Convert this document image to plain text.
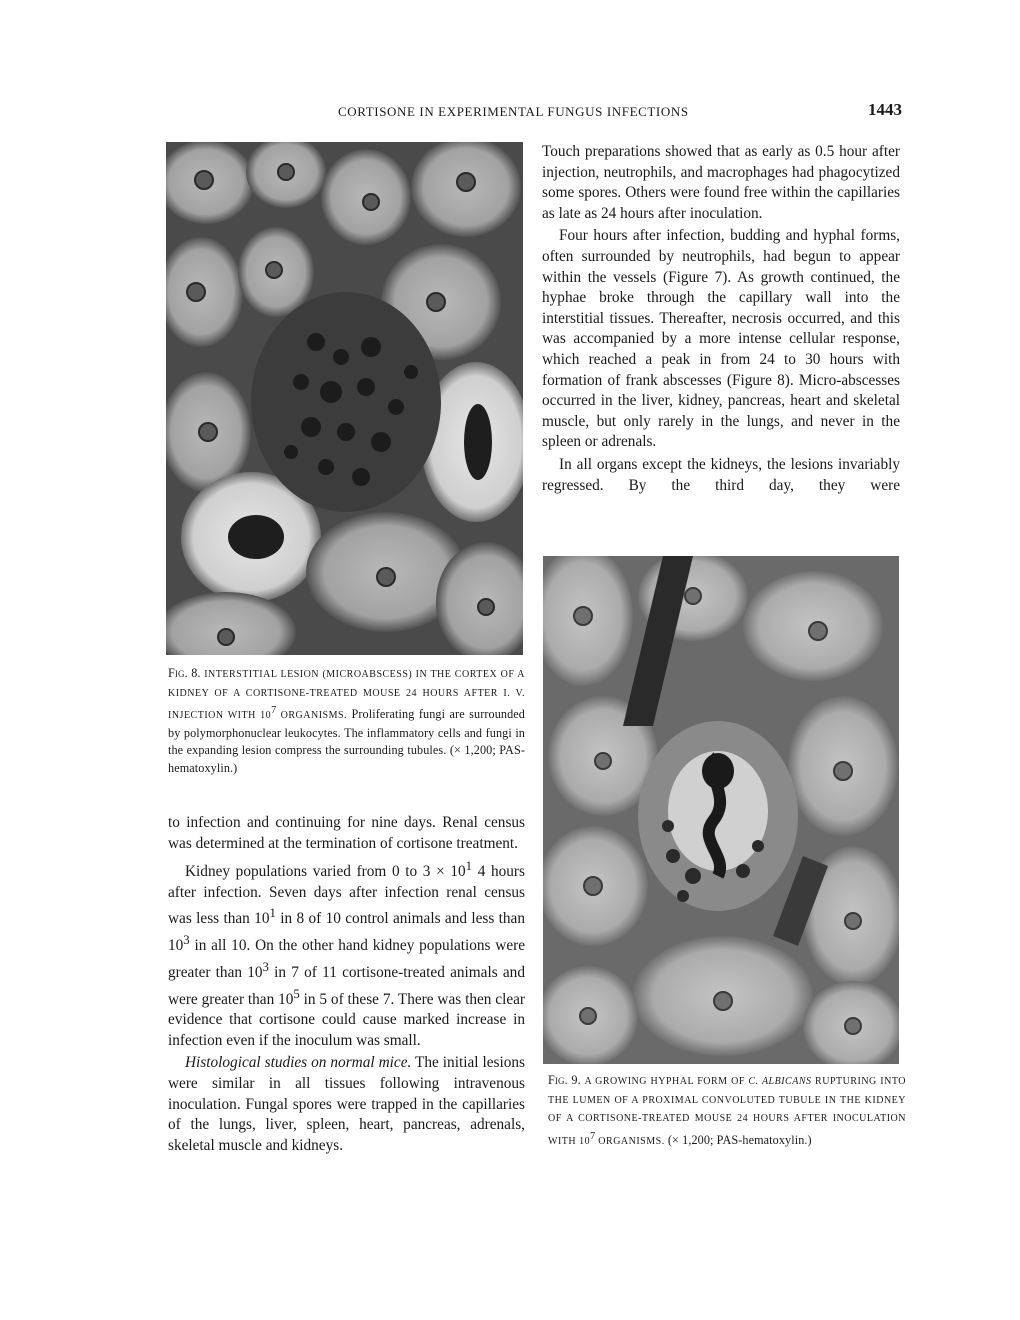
CORTISONE IN EXPERIMENTAL FUNGUS INFECTIONS	1443
Fig. 8. INTERSTITIAL LESION (MICROABSCESS) IN THE CORTEX OF A KIDNEY OF A CORTISONE-TREATED MOUSE 24 HOURS AFTER I. V. INJECTION WITH $10^7$ ORGANISMS. Proliferating fungi are surrounded by polymorphonuclear leukocytes. The inflammatory cells and fungi in the expanding lesion compress the surrounding tubules. (× 1,200; PAS-hematoxylin.)

Touch preparations showed that as early as 0.5 hour after injection, neutrophils, and macrophages had phagocytized some spores. Others were found free within the capillaries as late as 24 hours after inoculation.

Four hours after infection, budding and hyphal forms, often surrounded by neutrophils, had begun to appear within the vessels (Figure 7). As growth continued, the hyphae broke through the capillary wall into the interstitial tissues. Thereafter, necrosis occurred, and this was accompanied by a more intense cellular response, which reached a peak in from 24 to 30 hours with formation of frank abscesses (Figure 8). Micro-abscesses occurred in the liver, kidney, pancreas, heart and skeletal muscle, but only rarely in the lungs, and never in the spleen or adrenals.

In all organs except the kidneys, the lesions invariably regressed. By the third day, they were

Fig. 9. A GROWING HYPHAL FORM OF C. ALBICANS RUPTURING INTO THE LUMEN OF A PROXIMAL CONVOLUTED TUBULE IN THE KIDNEY OF A CORTISONE-TREATED MOUSE 24 HOURS AFTER INOCULATION WITH $10^7$ ORGANISMS. (× 1,200; PAS-hematoxylin.)

to infection and continuing for nine days. Renal census was determined at the termination of cortisone treatment.

Kidney populations varied from 0 to $3 \times 10^1$ 4 hours after infection. Seven days after infection renal census was less than $10^1$ in 8 of 10 control animals and less than $10^3$ in all 10. On the other hand kidney populations were greater than $10^3$ in 7 of 11 cortisone-treated animals and were greater than $10^5$ in 5 of these 7. There was then clear evidence that cortisone could cause marked increase in infection even if the inoculum was small.

Histological studies on normal mice. The initial lesions were similar in all tissues following intravenous inoculation. Fungal spores were trapped in the capillaries of the lungs, liver, spleen, heart, pancreas, adrenals, skeletal muscle and kidneys.
